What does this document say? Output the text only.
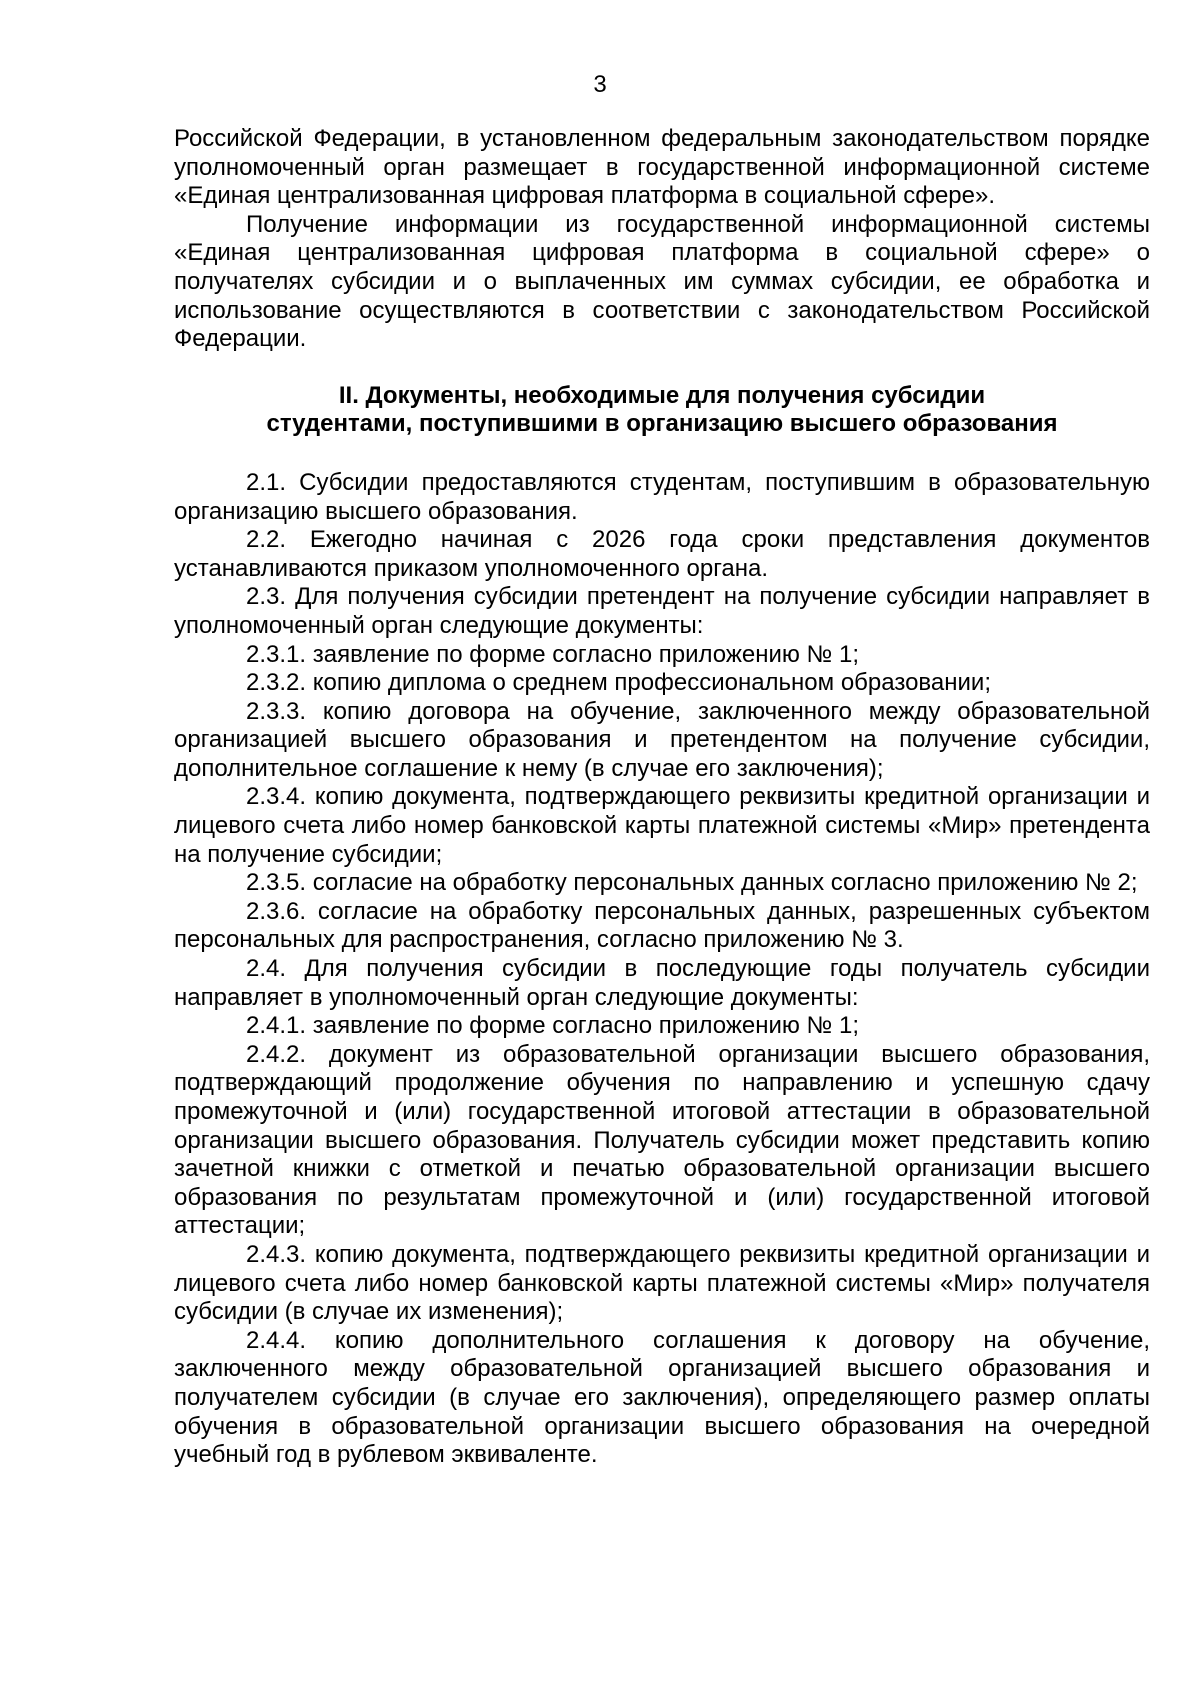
3

Российской Федерации, в установленном федеральным законодательством порядке уполномоченный орган размещает в государственной информационной системе «Единая централизованная цифровая платформа в социальной сфере».

Получение информации из государственной информационной системы «Единая централизованная цифровая платформа в социальной сфере» о получателях субсидии и о выплаченных им суммах субсидии, ее обработка и использование осуществляются в соответствии с законодательством Российской Федерации.

II. Документы, необходимые для получения субсидии
студентами, поступившими в организацию высшего образования

2.1. Субсидии предоставляются студентам, поступившим в образовательную организацию высшего образования.

2.2. Ежегодно начиная с 2026 года сроки представления документов устанавливаются приказом уполномоченного органа.

2.3. Для получения субсидии претендент на получение субсидии направляет в уполномоченный орган следующие документы:

2.3.1. заявление по форме согласно приложению № 1;

2.3.2. копию диплома о среднем профессиональном образовании;

2.3.3. копию договора на обучение, заключенного между образовательной организацией высшего образования и претендентом на получение субсидии, дополнительное соглашение к нему (в случае его заключения);

2.3.4. копию документа, подтверждающего реквизиты кредитной организации и лицевого счета либо номер банковской карты платежной системы «Мир» претендента на получение субсидии;

2.3.5. согласие на обработку персональных данных согласно приложению № 2;

2.3.6. согласие на обработку персональных данных, разрешенных субъектом персональных для распространения, согласно приложению № 3.

2.4. Для получения субсидии в последующие годы получатель субсидии направляет в уполномоченный орган следующие документы:

2.4.1. заявление по форме согласно приложению № 1;

2.4.2. документ из образовательной организации высшего образования, подтверждающий продолжение обучения по направлению и успешную сдачу промежуточной и (или) государственной итоговой аттестации в образовательной организации высшего образования. Получатель субсидии может представить копию зачетной книжки с отметкой и печатью образовательной организации высшего образования по результатам промежуточной и (или) государственной итоговой аттестации;

2.4.3. копию документа, подтверждающего реквизиты кредитной организации и лицевого счета либо номер банковской карты платежной системы «Мир» получателя субсидии (в случае их изменения);

2.4.4. копию дополнительного соглашения к договору на обучение, заключенного между образовательной организацией высшего образования и получателем субсидии (в случае его заключения), определяющего размер оплаты обучения в образовательной организации высшего образования на очередной учебный год в рублевом эквиваленте.
